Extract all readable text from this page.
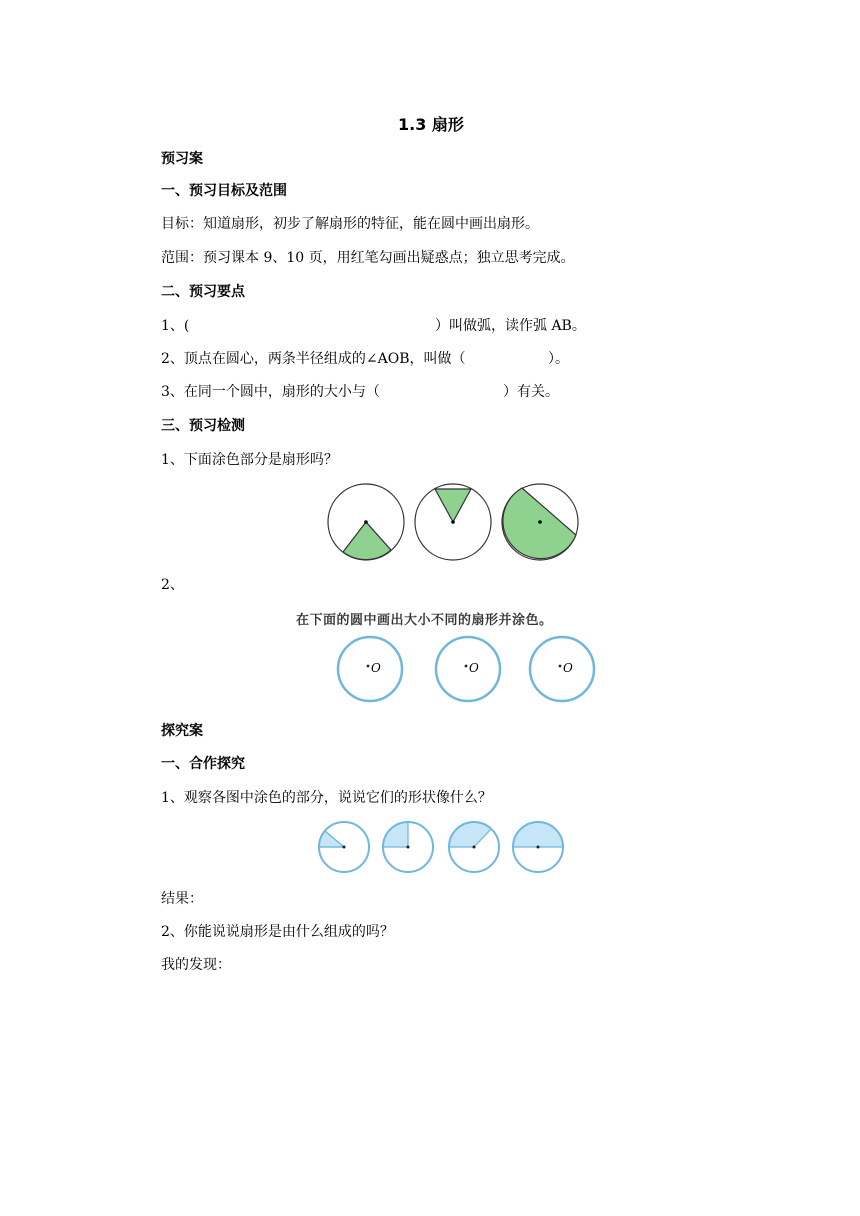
1.3 扇形
预习案
一、预习目标及范围
目标：知道扇形，初步了解扇形的特征，能在圆中画出扇形。
范围：预习课本 9、10 页，用红笔勾画出疑惑点；独立思考完成。
二、预习要点
1、(	）叫做弧，读作弧 AB。
2、顶点在圆心，两条半径组成的∠AOB，叫做（	）。
3、在同一个圆中，扇形的大小与（	）有关。
三、预习检测
1、下面涂色部分是扇形吗？
2、
在下面的圆中画出大小不同的扇形并涂色。
O	O	O
探究案
一、合作探究
1、观察各图中涂色的部分，说说它们的形状像什么？
结果：
2、你能说说扇形是由什么组成的吗？
我的发现：
